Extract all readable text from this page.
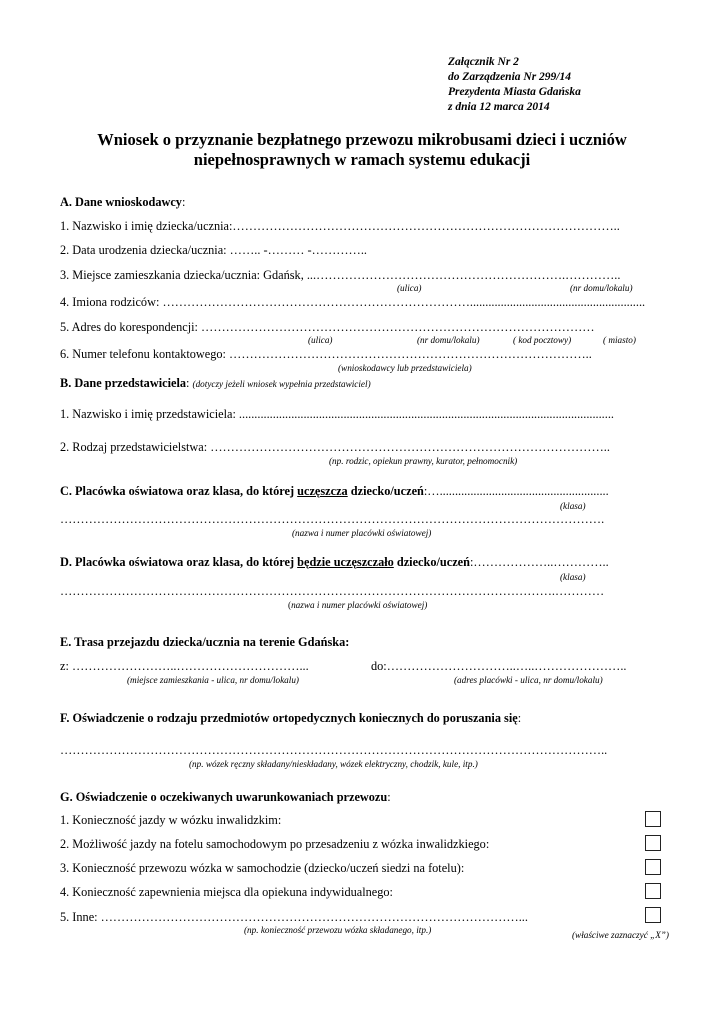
Załącznik Nr 2
do Zarządzenia Nr 299/14
Prezydenta Miasta Gdańska
z dnia 12 marca 2014
Wniosek o przyznanie bezpłatnego przewozu mikrobusami dzieci i uczniów
niepełnosprawnych w ramach systemu edukacji
A. Dane wnioskodawcy:
1. Nazwisko i imię dziecka/ucznia:…………………………………………………………………………………..
2. Data urodzenia dziecka/ucznia: …….. -……… -…………..
3. Miejsce zamieszkania dziecka/ucznia: Gdańsk, ...…………………………………………………….…………..
(ulica)	(nr domu/lokalu)
4. Imiona rodziców: ………………………………………………………………….........................................................
5. Adres do korespondencji: ……………………………………………………………………………………
(ulica)	(nr domu/lokalu)	( kod pocztowy)	( miasto)
6. Numer telefonu kontaktowego: ……………………………………………………………………………..
(wnioskodawcy lub przedstawiciela)
B. Dane przedstawiciela: (dotyczy jeżeli wniosek wypełnia przedstawiciel)
1. Nazwisko i imię przedstawiciela: ..........................................................................................................................
2. Rodzaj przedstawicielstwa: ……………………………………………………………………………………..
(np. rodzic, opiekun prawny, kurator, pełnomocnik)
C. Placówka oświatowa oraz klasa, do której uczęszcza dziecko/uczeń:….......................................................
(klasa)
…………………………………………………………………………………………………………………….
(nazwa i numer placówki oświatowej)
D. Placówka oświatowa oraz klasa, do której będzie uczęszczało dziecko/uczeń:………………..…………..
(klasa)
………………………………………………………………………………………………………….…………
(nazwa i numer placówki oświatowej)
E. Trasa przejazdu dziecka/ucznia na terenie Gdańska:
z: ……………………..…………………………...	do:…………………………..…..…………………..
(miejsce zamieszkania - ulica, nr domu/lokalu)	(adres placówki - ulica, nr domu/lokalu)
F. Oświadczenie o rodzaju przedmiotów ortopedycznych koniecznych do poruszania się:
……………………………………………………………………………………………………………………..
(np. wózek ręczny składany/nieskładany, wózek elektryczny, chodzik, kule, itp.)
G. Oświadczenie o oczekiwanych uwarunkowaniach przewozu:
1. Konieczność jazdy w wózku inwalidzkim:
2. Możliwość jazdy na fotelu samochodowym po przesadzeniu z wózka inwalidzkiego:
3. Konieczność przewozu wózka w samochodzie (dziecko/uczeń siedzi na fotelu):
4. Konieczność zapewnienia miejsca dla opiekuna indywidualnego:
5. Inne: …………………………………………………………………………………………...
(np. konieczność przewozu wózka składanego, itp.)	(właściwe zaznaczyć „X”)
